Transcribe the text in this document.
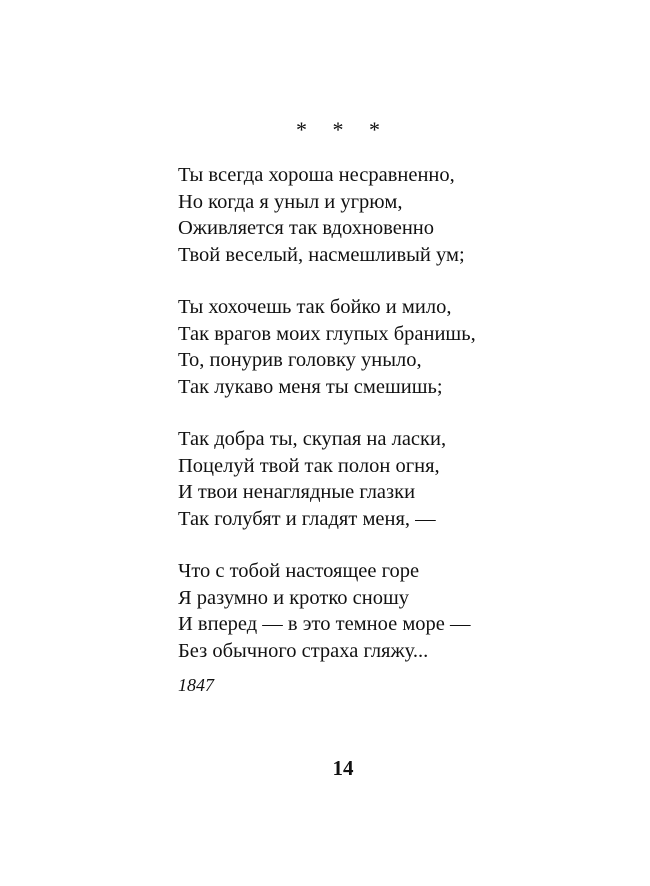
* * *
Ты всегда хороша несравненно,
Но когда я уныл и угрюм,
Оживляется так вдохновенно
Твой веселый, насмешливый ум;
Ты хохочешь так бойко и мило,
Так врагов моих глупых бранишь,
То, понурив головку уныло,
Так лукаво меня ты смешишь;
Так добра ты, скупая на ласки,
Поцелуй твой так полон огня,
И твои ненаглядные глазки
Так голубят и гладят меня, —
Что с тобой настоящее горе
Я разумно и кротко сношу
И вперед — в это темное море —
Без обычного страха гляжу...
1847
14
